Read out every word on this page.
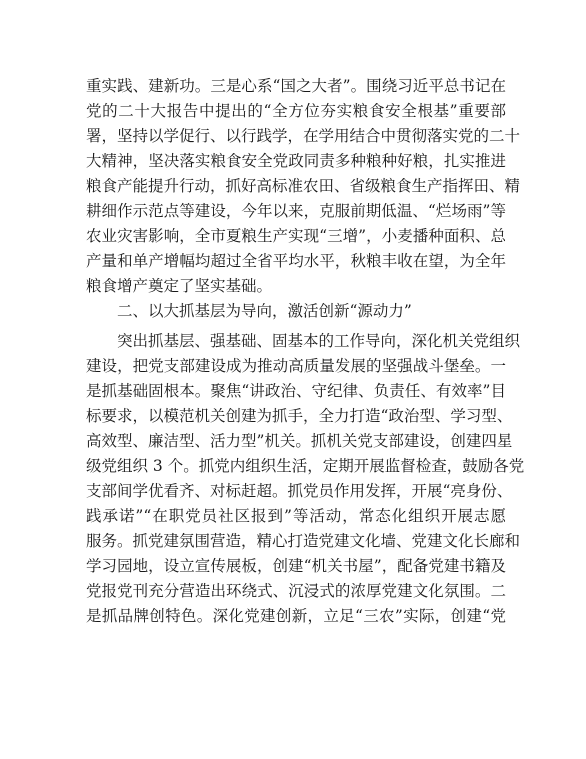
重实践、建新功。三是心系“国之大者”。围绕习近平总书记在
党的二十大报告中提出的“全方位夯实粮食安全根基”重要部
署，坚持以学促行、以行践学，在学用结合中贯彻落实党的二十
大精神，坚决落实粮食安全党政同责多种粮种好粮，扎实推进
粮食产能提升行动，抓好高标准农田、省级粮食生产指挥田、精
耕细作示范点等建设，今年以来，克服前期低温、“烂场雨”等
农业灾害影响，全市夏粮生产实现“三增”，小麦播种面积、总
产量和单产增幅均超过全省平均水平，秋粮丰收在望，为全年
粮食增产奠定了坚实基础。
二、以大抓基层为导向，激活创新“源动力”
突出抓基层、强基础、固基本的工作导向，深化机关党组织
建设，把党支部建设成为推动高质量发展的坚强战斗堡垒。一
是抓基础固根本。聚焦“讲政治、守纪律、负责任、有效率”目
标要求，以模范机关创建为抓手，全力打造“政治型、学习型、
高效型、廉洁型、活力型”机关。抓机关党支部建设，创建四星
级党组织 3 个。抓党内组织生活，定期开展监督检查，鼓励各党
支部间学优看齐、对标赶超。抓党员作用发挥，开展“亮身份、
践承诺”“在职党员社区报到”等活动，常态化组织开展志愿
服务。抓党建氛围营造，精心打造党建文化墙、党建文化长廊和
学习园地，设立宣传展板，创建“机关书屋”，配备党建书籍及
党报党刊充分营造出环绕式、沉浸式的浓厚党建文化氛围。二
是抓品牌创特色。深化党建创新，立足“三农”实际，创建“党
